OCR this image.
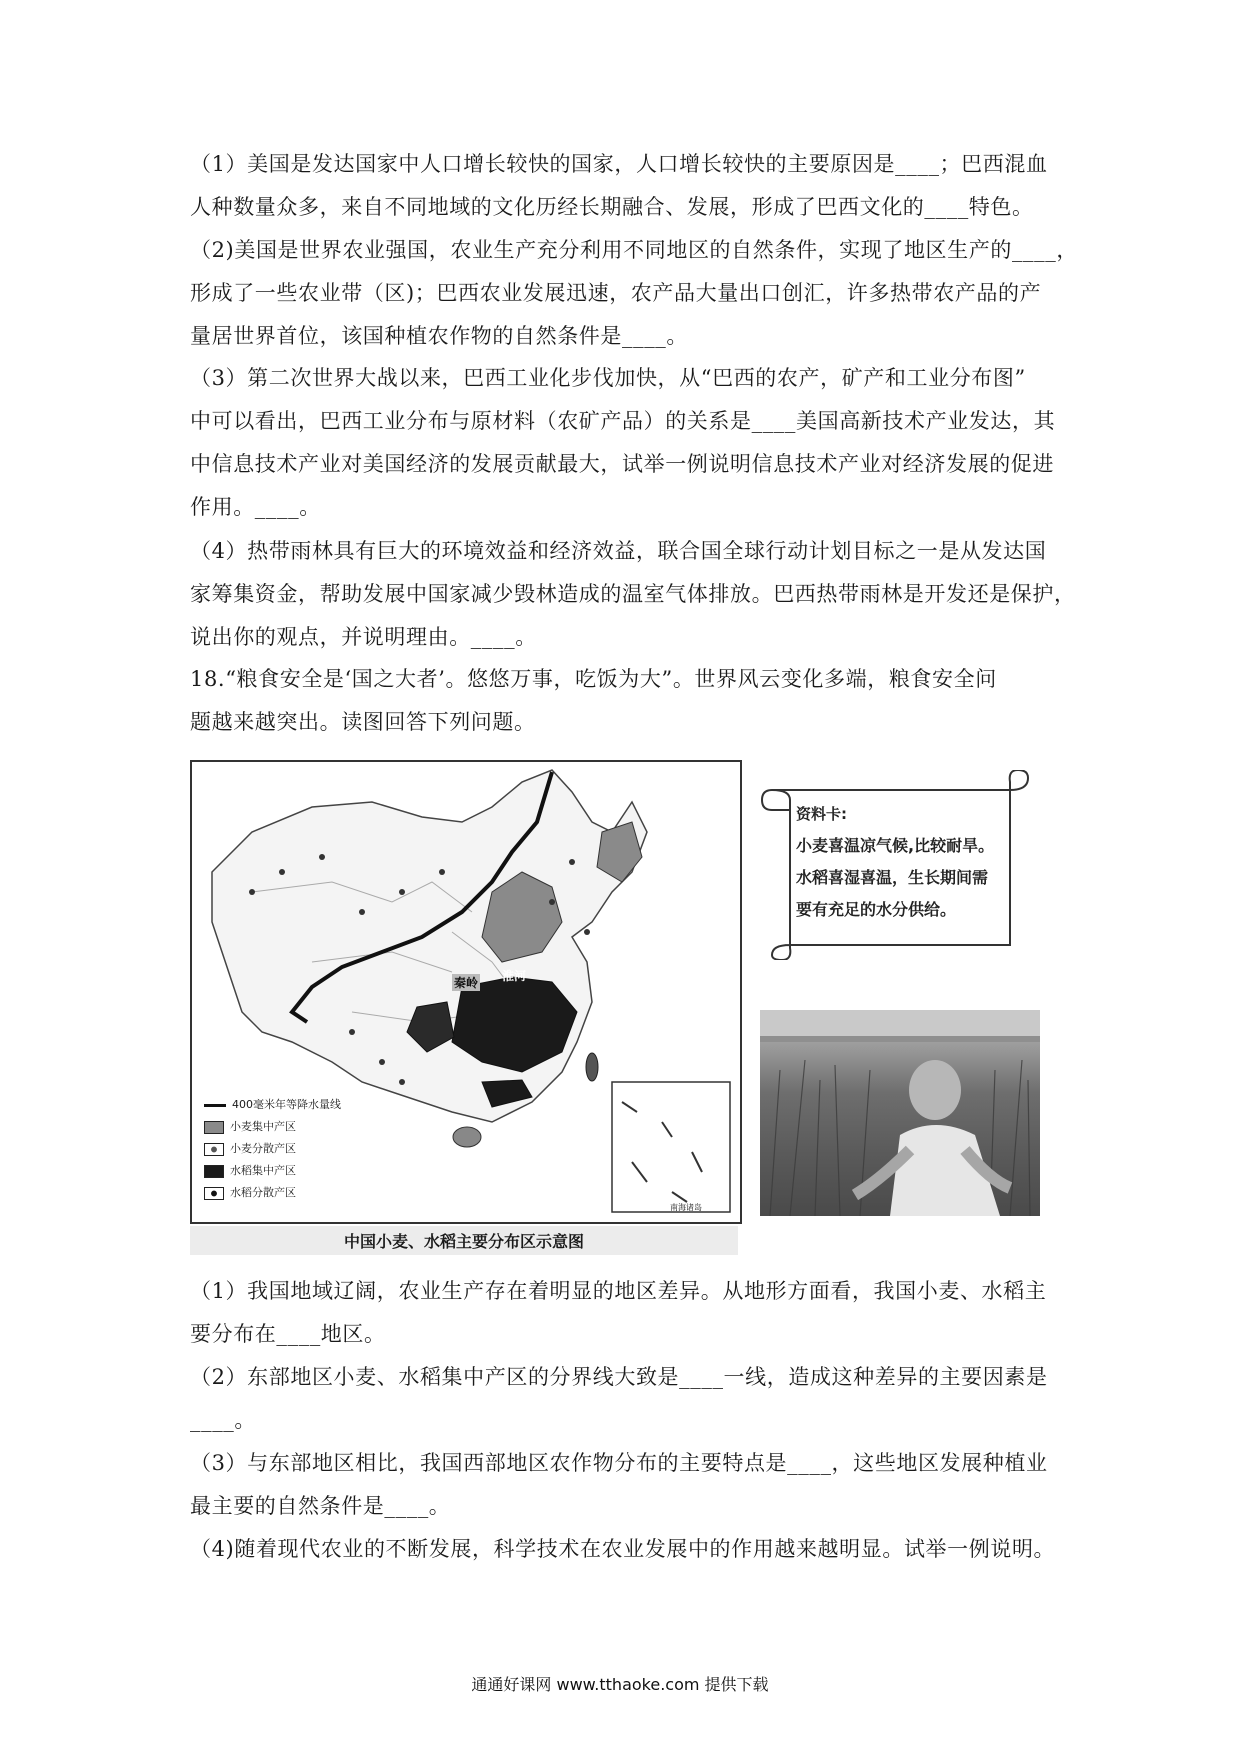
（1）美国是发达国家中人口增长较快的国家，人口增长较快的主要原因是____；巴西混血
人种数量众多，来自不同地域的文化历经长期融合、发展，形成了巴西文化的____特色。
（2)美国是世界农业强国，农业生产充分利用不同地区的自然条件，实现了地区生产的____，
形成了一些农业带（区)；巴西农业发展迅速，农产品大量出口创汇，许多热带农产品的产
量居世界首位，该国种植农作物的自然条件是____。
（3）第二次世界大战以来，巴西工业化步伐加快，从“巴西的农产，矿产和工业分布图”
中可以看出，巴西工业分布与原材料（农矿产品）的关系是____美国高新技术产业发达，其
中信息技术产业对美国经济的发展贡献最大，试举一例说明信息技术产业对经济发展的促进
作用。____。
（4）热带雨林具有巨大的环境效益和经济效益，联合国全球行动计划目标之一是从发达国
家筹集资金，帮助发展中国家减少毁林造成的温室气体排放。巴西热带雨林是开发还是保护，
说出你的观点，并说明理由。____。
18.“粮食安全是‘国之大者’。悠悠万事，吃饭为大”。世界风云变化多端，粮食安全问
题越来越突出。读图回答下列问题。
秦岭 淮河
南海诸岛
400毫米年等降水量线
小麦集中产区
小麦分散产区
水稻集中产区
水稻分散产区
中国小麦、水稻主要分布区示意图
资料卡:
小麦喜温凉气候,比较耐旱。
水稻喜湿喜温，生长期间需
要有充足的水分供给。
（1）我国地域辽阔，农业生产存在着明显的地区差异。从地形方面看，我国小麦、水稻主
要分布在____地区。
（2）东部地区小麦、水稻集中产区的分界线大致是____一线，造成这种差异的主要因素是
____。
（3）与东部地区相比，我国西部地区农作物分布的主要特点是____，这些地区发展种植业
最主要的自然条件是____。
（4)随着现代农业的不断发展，科学技术在农业发展中的作用越来越明显。试举一例说明。
通通好课网 www.tthaoke.com 提供下载
